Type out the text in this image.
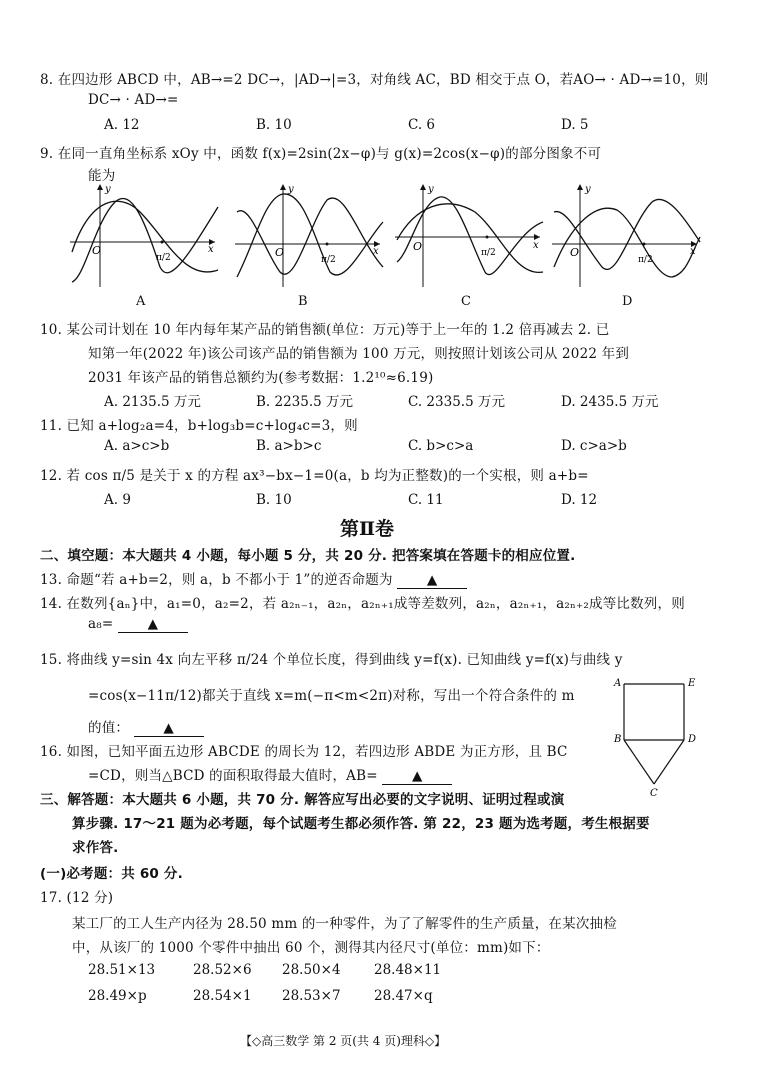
8. 在四边形 ABCD 中，AB→=2 DC→，|AD→|=3，对角线 AC，BD 相交于点 O，若AO→ · AD→=10，则
DC→ · AD→=
A. 12	B. 10	C. 6	D. 5
9. 在同一直角坐标系 xOy 中，函数 f(x)=2sin(2x−φ)与 g(x)=2cos(x−φ)的部分图象不可
能为
O
y
x
π/2
A
O
y
x
π/2
B
O
y
x
π/2
C
O
y
x
π/2
D
10. 某公司计划在 10 年内每年某产品的销售额(单位：万元)等于上一年的 1.2 倍再减去 2. 已
知第一年(2022 年)该公司该产品的销售额为 100 万元，则按照计划该公司从 2022 年到
2031 年该产品的销售总额约为(参考数据：1.2¹⁰≈6.19)
A. 2135.5 万元	B. 2235.5 万元	C. 2335.5 万元	D. 2435.5 万元
11. 已知 a+log₂a=4，b+log₃b=c+log₄c=3，则
A. a>c>b	B. a>b>c	C. b>c>a	D. c>a>b
12. 若 cos π/5 是关于 x 的方程 ax³−bx−1=0(a，b 均为正整数)的一个实根，则 a+b=
A. 9	B. 10	C. 11	D. 12
第Ⅱ卷
二、填空题：本大题共 4 小题，每小题 5 分，共 20 分. 把答案填在答题卡的相应位置.
13. 命题“若 a+b=2，则 a，b 不都小于 1”的逆否命题为	▲
14. 在数列{aₙ}中，a₁=0，a₂=2，若 a₂ₙ₋₁，a₂ₙ，a₂ₙ₊₁成等差数列，a₂ₙ，a₂ₙ₊₁，a₂ₙ₊₂成等比数列，则
a₈=	▲
15. 将曲线 y=sin 4x 向左平移 π/24 个单位长度，得到曲线 y=f(x). 已知曲线 y=f(x)与曲线 y
=cos(x−11π/12)都关于直线 x=m(−π<m<2π)对称，写出一个符合条件的 m
的值：	▲
A	E
B	D
C
16. 如图，已知平面五边形 ABCDE 的周长为 12，若四边形 ABDE 为正方形，且 BC
=CD，则当△BCD 的面积取得最大值时，AB=	▲
三、解答题：本大题共 6 小题，共 70 分. 解答应写出必要的文字说明、证明过程或演
算步骤. 17～21 题为必考题，每个试题考生都必须作答. 第 22，23 题为选考题，考生根据要
求作答.
(一)必考题：共 60 分.
17. (12 分)
某工厂的工人生产内径为 28.50 mm 的一种零件，为了了解零件的生产质量，在某次抽检
中，从该厂的 1000 个零件中抽出 60 个，测得其内径尺寸(单位：mm)如下：
28.51×13	28.52×6 28.50×4 28.48×11
28.49×p	28.54×1 28.53×7 28.47×q
【◇高三数学 第 2 页(共 4 页)理科◇】
